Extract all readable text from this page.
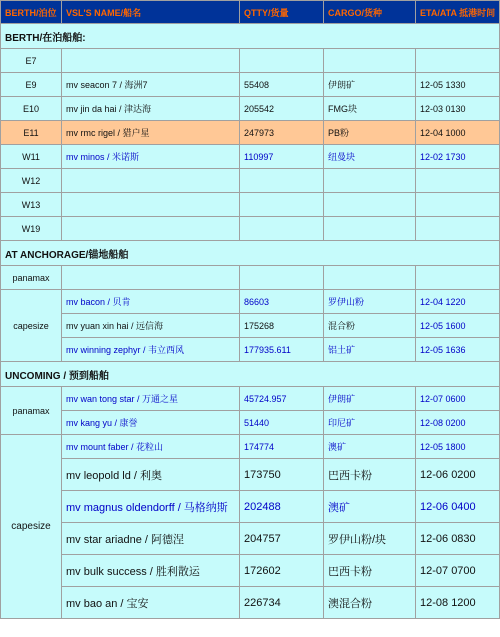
BERTH/泊位	VSL'S NAME/船名	QTTY/货量	CARGO/货种	ETA/ATA 抵港时间
BERTH/在泊船舶:				
E7				
E9	mv seacon 7 / 海洲7	55408	伊朗矿	12-05 1330
E10	mv jin da hai / 津达海	205542	FMG块	12-03 0130
E11	mv rmc rigel / 猎户星	247973	PB粉	12-04 1000
W11	mv minos / 米诺斯	110997	纽曼块	12-02 1730
W12				
W13				
W19				
AT ANCHORAGE/锚地船舶				
panamax				
capesize	mv bacon / 贝肯	86603	罗伊山粉	12-04 1220
	mv yuan xin hai / 远信海	175268	混合粉	12-05 1600
	mv winning zephyr / 韦立西风	177935.611	铝土矿	12-05 1636
UNCOMING / 预到船舶				
panamax	mv wan tong star / 万通之星	45724.957	伊朗矿	12-07 0600
	mv kang yu / 康誉	51440	印尼矿	12-08 0200
capesize	mv mount faber / 花粒山	174774	澳矿	12-05 1800
	mv leopold ld / 利奥	173750	巴西卡粉	12-06 0200
	mv magnus oldendorff / 马格纳斯	202488	澳矿	12-06 0400
	mv star ariadne / 阿德涅	204757	罗伊山粉/块	12-06 0830
	mv bulk success / 胜利散运	172602	巴西卡粉	12-07 0700
	mv bao an / 宝安	226734	澳混合粉	12-08 1200
